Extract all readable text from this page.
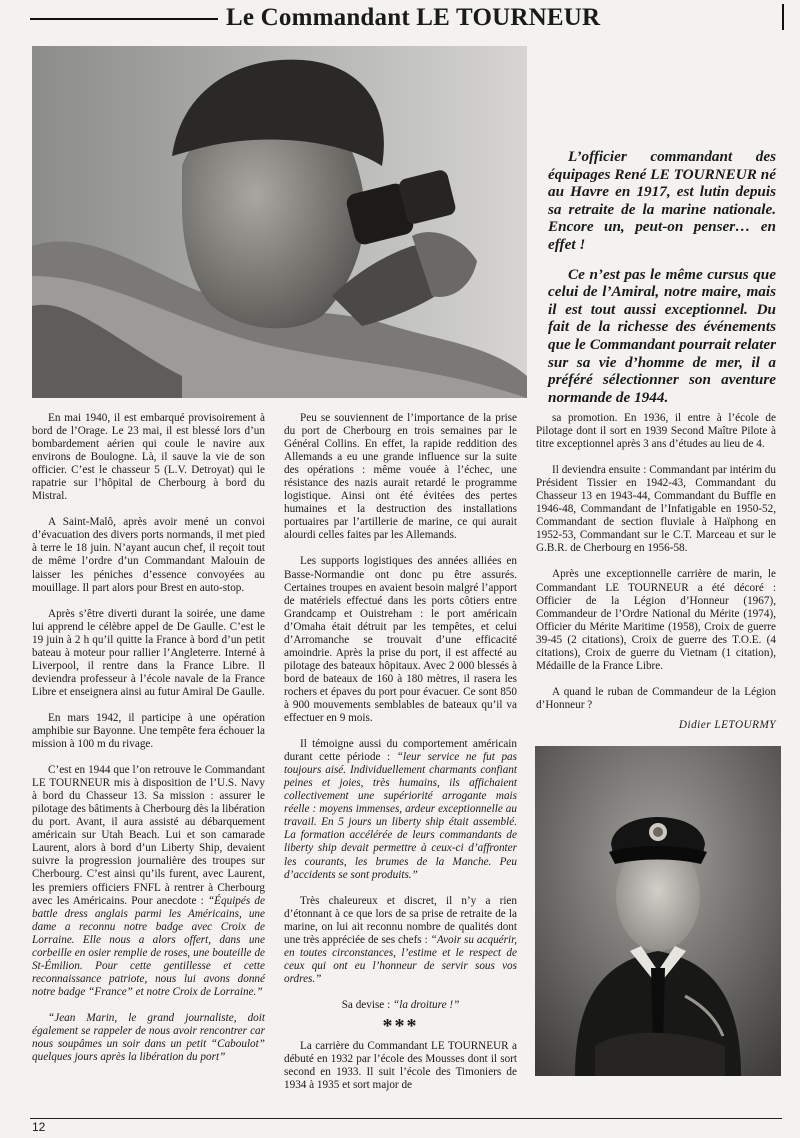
Le Commandant LE TOURNEUR

L’officier commandant des équipages René LE TOURNEUR né au Havre en 1917, est lutin depuis sa retraite de la marine nationale. Encore un, peut-on penser… en effet !

Ce n’est pas le même cursus que celui de l’Amiral, notre maire, mais il est tout aussi exceptionnel. Du fait de la richesse des événements que le Commandant pourrait relater sur sa vie d’homme de mer, il a préféré sélectionner son aventure normande de 1944.

En mai 1940, il est embarqué provisoirement à bord de l’Orage. Le 23 mai, il est blessé lors d’un bombardement aérien qui coule le navire aux environs de Boulogne. Là, il sauve la vie de son officier. C’est le chasseur 5 (L.V. Detroyat) qui le rapatrie sur l’hôpital de Cherbourg à bord du Mistral.

A Saint-Malô, après avoir mené un convoi d’évacuation des divers ports normands, il met pied à terre le 18 juin. N’ayant aucun chef, il reçoit tout de même l’ordre d’un Commandant Malouin de laisser les péniches d’essence convoyées au mouillage. Il part alors pour Brest en auto-stop.

Après s’être diverti durant la soirée, une dame lui apprend le célèbre appel de De Gaulle. C’est le 19 juin à 2 h qu’il quitte la France à bord d’un petit bateau à moteur pour rallier l’Angleterre. Interné à Liverpool, il rentre dans la France Libre. Il deviendra professeur à l’école navale de la France Libre et enseignera ainsi au futur Amiral De Gaulle.

En mars 1942, il participe à une opération amphibie sur Bayonne. Une tempête fera échouer la mission à 100 m du rivage.

C’est en 1944 que l’on retrouve le Commandant LE TOURNEUR mis à disposition de l’U.S. Navy à bord du Chasseur 13. Sa mission : assurer le pilotage des bâtiments à Cherbourg dès la libération du port. Avant, il aura assisté au débarquement américain sur Utah Beach. Lui et son camarade Laurent, alors à bord d’un Liberty Ship, devaient suivre la progression journalière des troupes sur Cherbourg. C’est ainsi qu’ils furent, avec Laurent, les premiers officiers FNFL à rentrer à Cherbourg avec les Américains. Pour anecdote : “Équipés de battle dress anglais parmi les Américains, une dame a reconnu notre badge avec Croix de Lorraine. Elle nous a alors offert, dans une corbeille en osier remplie de roses, une bouteille de St-Émilion. Pour cette gentillesse et cette reconnaissance patriote, nous lui avons donné notre badge “France” et notre Croix de Lorraine.”

“Jean Marin, le grand journaliste, doit également se rappeler de nous avoir rencontrer car nous soupâmes un soir dans un petit “Caboulot” quelques jours après la libération du port”

Peu se souviennent de l’importance de la prise du port de Cherbourg en trois semaines par le Général Collins. En effet, la rapide reddition des Allemands a eu une grande influence sur la suite des opérations : même vouée à l’échec, une résistance des nazis aurait retardé le programme logistique. Ainsi ont été évitées des pertes humaines et la destruction des installations portuaires par l’artillerie de marine, ce qui aurait alourdi celles faites par les Allemands.

Les supports logistiques des années alliées en Basse-Normandie ont donc pu être assurés. Certaines troupes en avaient besoin malgré l’apport de matériels effectué dans les ports côtiers entre Grandcamp et Ouistreham : le port américain d’Omaha était détruit par les tempêtes, et celui d’Arromanche se trouvait d’une efficacité amoindrie. Après la prise du port, il est affecté au pilotage des bateaux hôpitaux. Avec 2 000 blessés à bord de bateaux de 160 à 180 mètres, il rasera les rochers et épaves du port pour évacuer. Ce sont 850 à 900 mouvements semblables de bateaux qu’il va effectuer en 9 mois.

Il témoigne aussi du comportement américain durant cette période : “leur service ne fut pas toujours aisé. Individuellement charmants confiant peines et joies, très humains, ils affichaient collectivement une supériorité arrogante mais réelle : moyens immenses, ardeur exceptionnelle au travail. En 5 jours un liberty ship était assemblé. La formation accélérée de leurs commandants de liberty ship devait permettre à ceux-ci d’affronter les courants, les brumes de la Manche. Peu d’accidents se sont produits.”

Très chaleureux et discret, il n’y a rien d’étonnant à ce que lors de sa prise de retraite de la marine, on lui ait reconnu nombre de qualités dont une très appréciée de ses chefs : “Avoir su acquérir, en toutes circonstances, l’estime et le respect de ceux qui ont eu l’honneur de servir sous vos ordres.”

Sa devise : “la droiture !”

***

La carrière du Commandant LE TOURNEUR a débuté en 1932 par l’école des Mousses dont il sort second en 1933. Il suit l’école des Timoniers de 1934 à 1935 et sort major de

sa promotion. En 1936, il entre à l’école de Pilotage dont il sort en 1939 Second Maître Pilote à titre exceptionnel après 3 ans d’études au lieu de 4.

Il deviendra ensuite : Commandant par intérim du Président Tissier en 1942-43, Commandant du Chasseur 13 en 1943-44, Commandant du Buffle en 1946-48, Commandant de l’Infatigable en 1950-52, Commandant de section fluviale à Haïphong en 1952-53, Commandant sur le C.T. Marceau et sur le G.B.R. de Cherbourg en 1956-58.

Après une exceptionnelle carrière de marin, le Commandant LE TOURNEUR a été décoré : Officier de la Légion d’Honneur (1967), Commandeur de l’Ordre National du Mérite (1974), Officier du Mérite Maritime (1958), Croix de guerre 39-45 (2 citations), Croix de guerre des T.O.E. (4 citations), Croix de guerre du Vietnam (1 citation), Médaille de la France Libre.

A quand le ruban de Commandeur de la Légion d’Honneur ?

Didier LETOURMY

12
